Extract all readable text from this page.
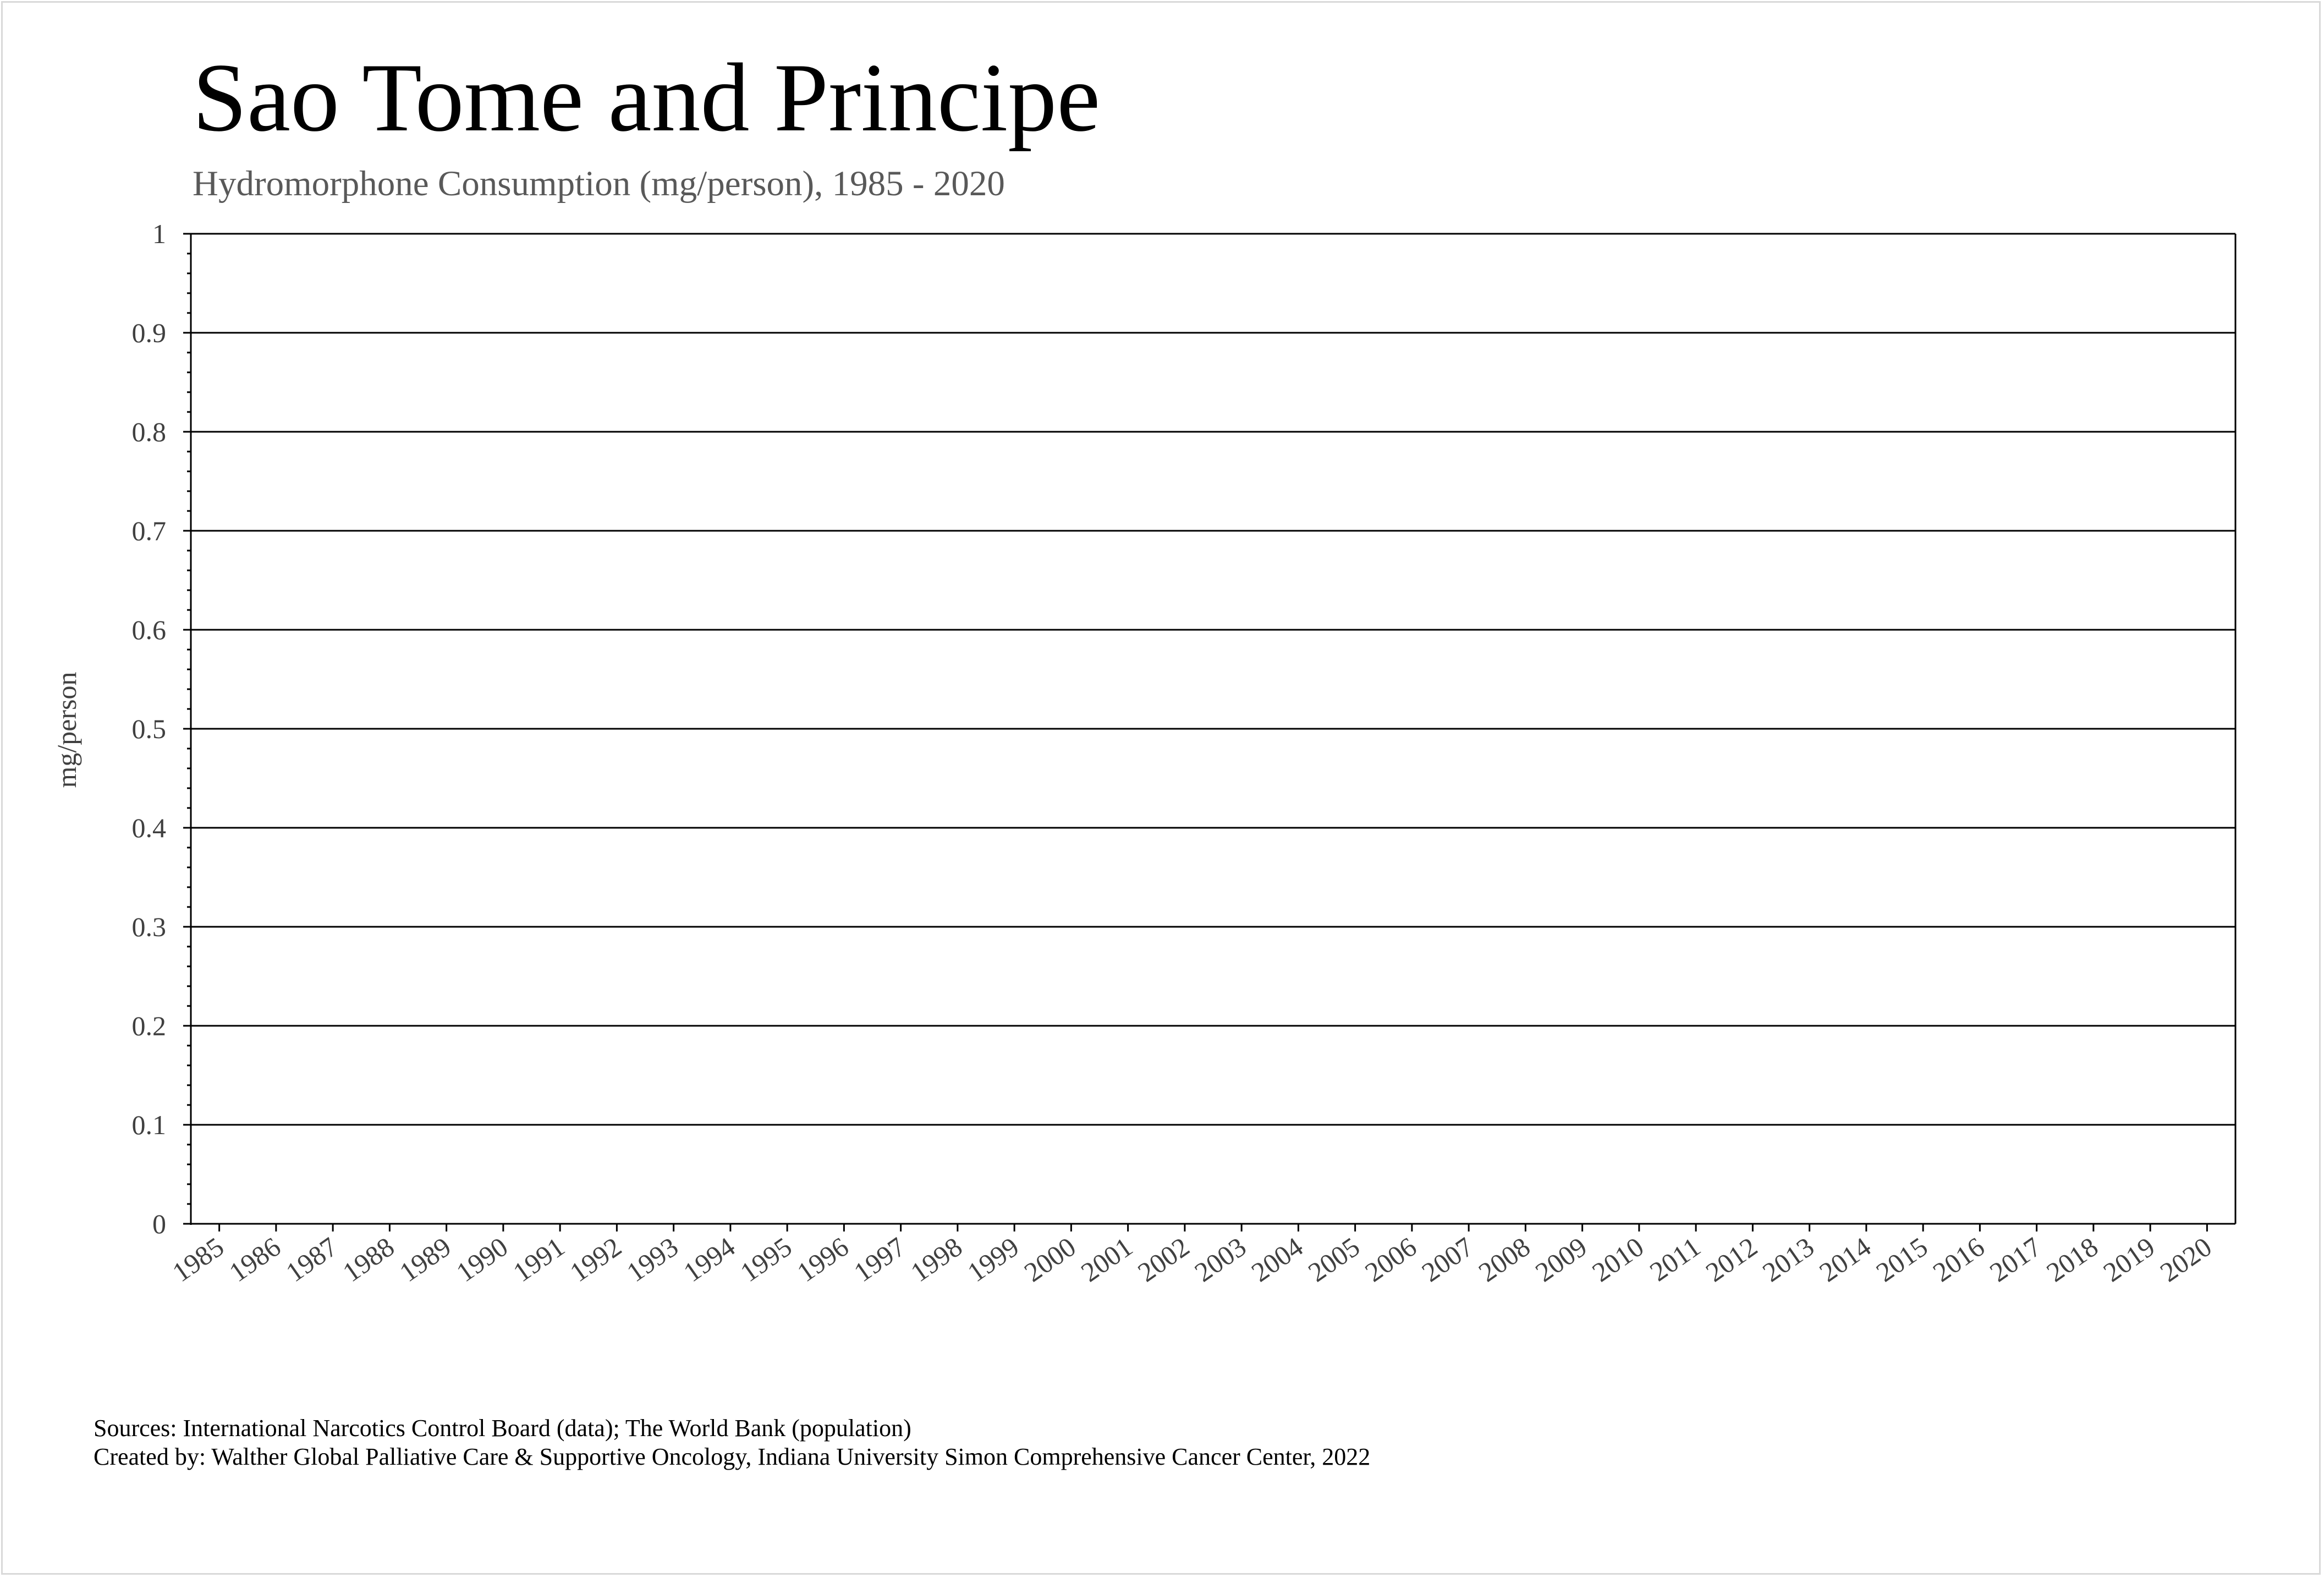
Sao Tome and Principe
Hydromorphone Consumption (mg/person), 1985 - 2020
0
0.1
0.2
0.3
0.4
0.5
0.6
0.7
0.8
0.9
1
1985
1986
1987
1988
1989
1990
1991
1992
1993
1994
1995
1996
1997
1998
1999
2000
2001
2002
2003
2004
2005
2006
2007
2008
2009
2010
2011
2012
2013
2014
2015
2016
2017
2018
2019
2020
mg/person
Sources: International Narcotics Control Board (data); The World Bank (population)
Created by: Walther Global Palliative Care & Supportive Oncology, Indiana University Simon Comprehensive Cancer Center, 2022
